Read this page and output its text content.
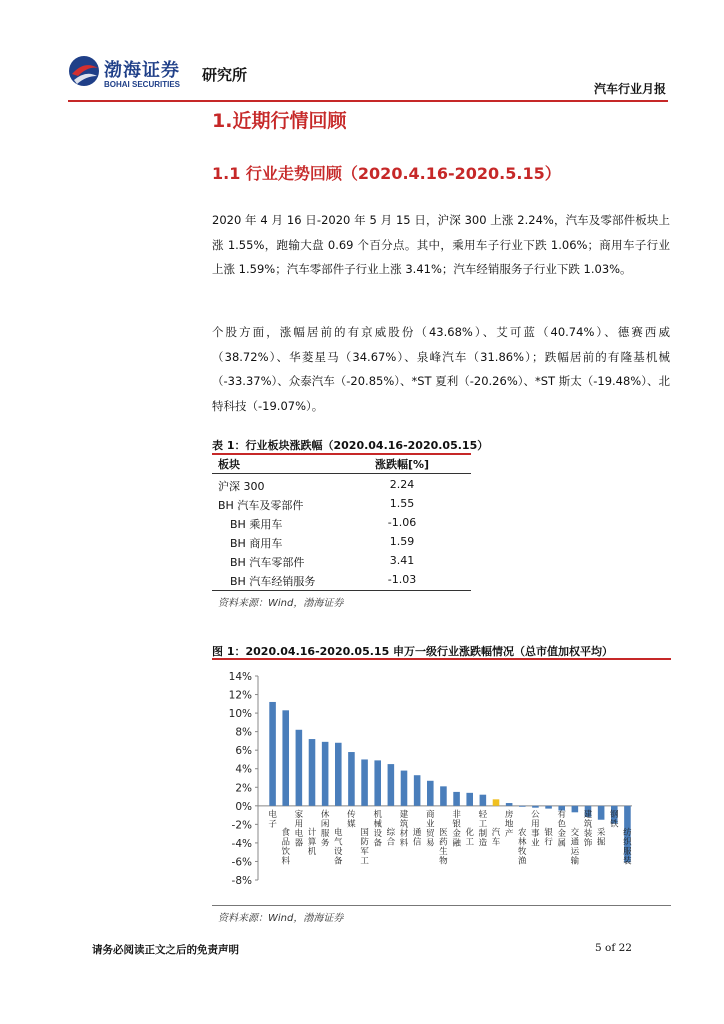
渤海证券
BOHAI SECURITIES
研究所
汽车行业月报
1.近期行情回顾
1.1 行业走势回顾（2020.4.16-2020.5.15）
2020 年 4 月 16 日-2020 年 5 月 15 日，沪深 300 上涨 2.24%，汽车及零部件板块上涨 1.55%，跑输大盘 0.69 个百分点。其中，乘用车子行业下跌 1.06%；商用车子行业上涨 1.59%；汽车零部件子行业上涨 3.41%；汽车经销服务子行业下跌 1.03%。
个股方面，涨幅居前的有京威股份（43.68%）、艾可蓝（40.74%）、德赛西威（38.72%）、华菱星马（34.67%）、泉峰汽车（31.86%）；跌幅居前的有隆基机械（-33.37%）、众泰汽车（-20.85%）、*ST 夏利（-20.26%）、*ST 斯太（-19.48%）、北特科技（-19.07%）。
表 1：行业板块涨跌幅（2020.04.16-2020.05.15）
板块	涨跌幅[%]
沪深 300	2.24
BH 汽车及零部件	1.55
BH 乘用车	-1.06
BH 商用车	1.59
BH 汽车零部件	3.41
BH 汽车经销服务	-1.03
资料来源：Wind，渤海证券
图 1：2020.04.16-2020.05.15 申万一级行业涨跌幅情况（总市值加权平均）
-8%
-6%
-4%
-2%
0%
2%
4%
6%
8%
10%
12%
14%
电子
食品饮料
家用电器
计算机
休闲服务
电气设备
传媒
国防军工
机械设备
综合
建筑材料
通信
商业贸易
医药生物
非银金融
化工
轻工制造
汽车
房地产 农林牧渔
公用事业
银行
有色金属
交通运输
建筑装饰
采掘
钢铁
纺织服装
资料来源：Wind，渤海证券
请务必阅读正文之后的免责声明	5 of 22
